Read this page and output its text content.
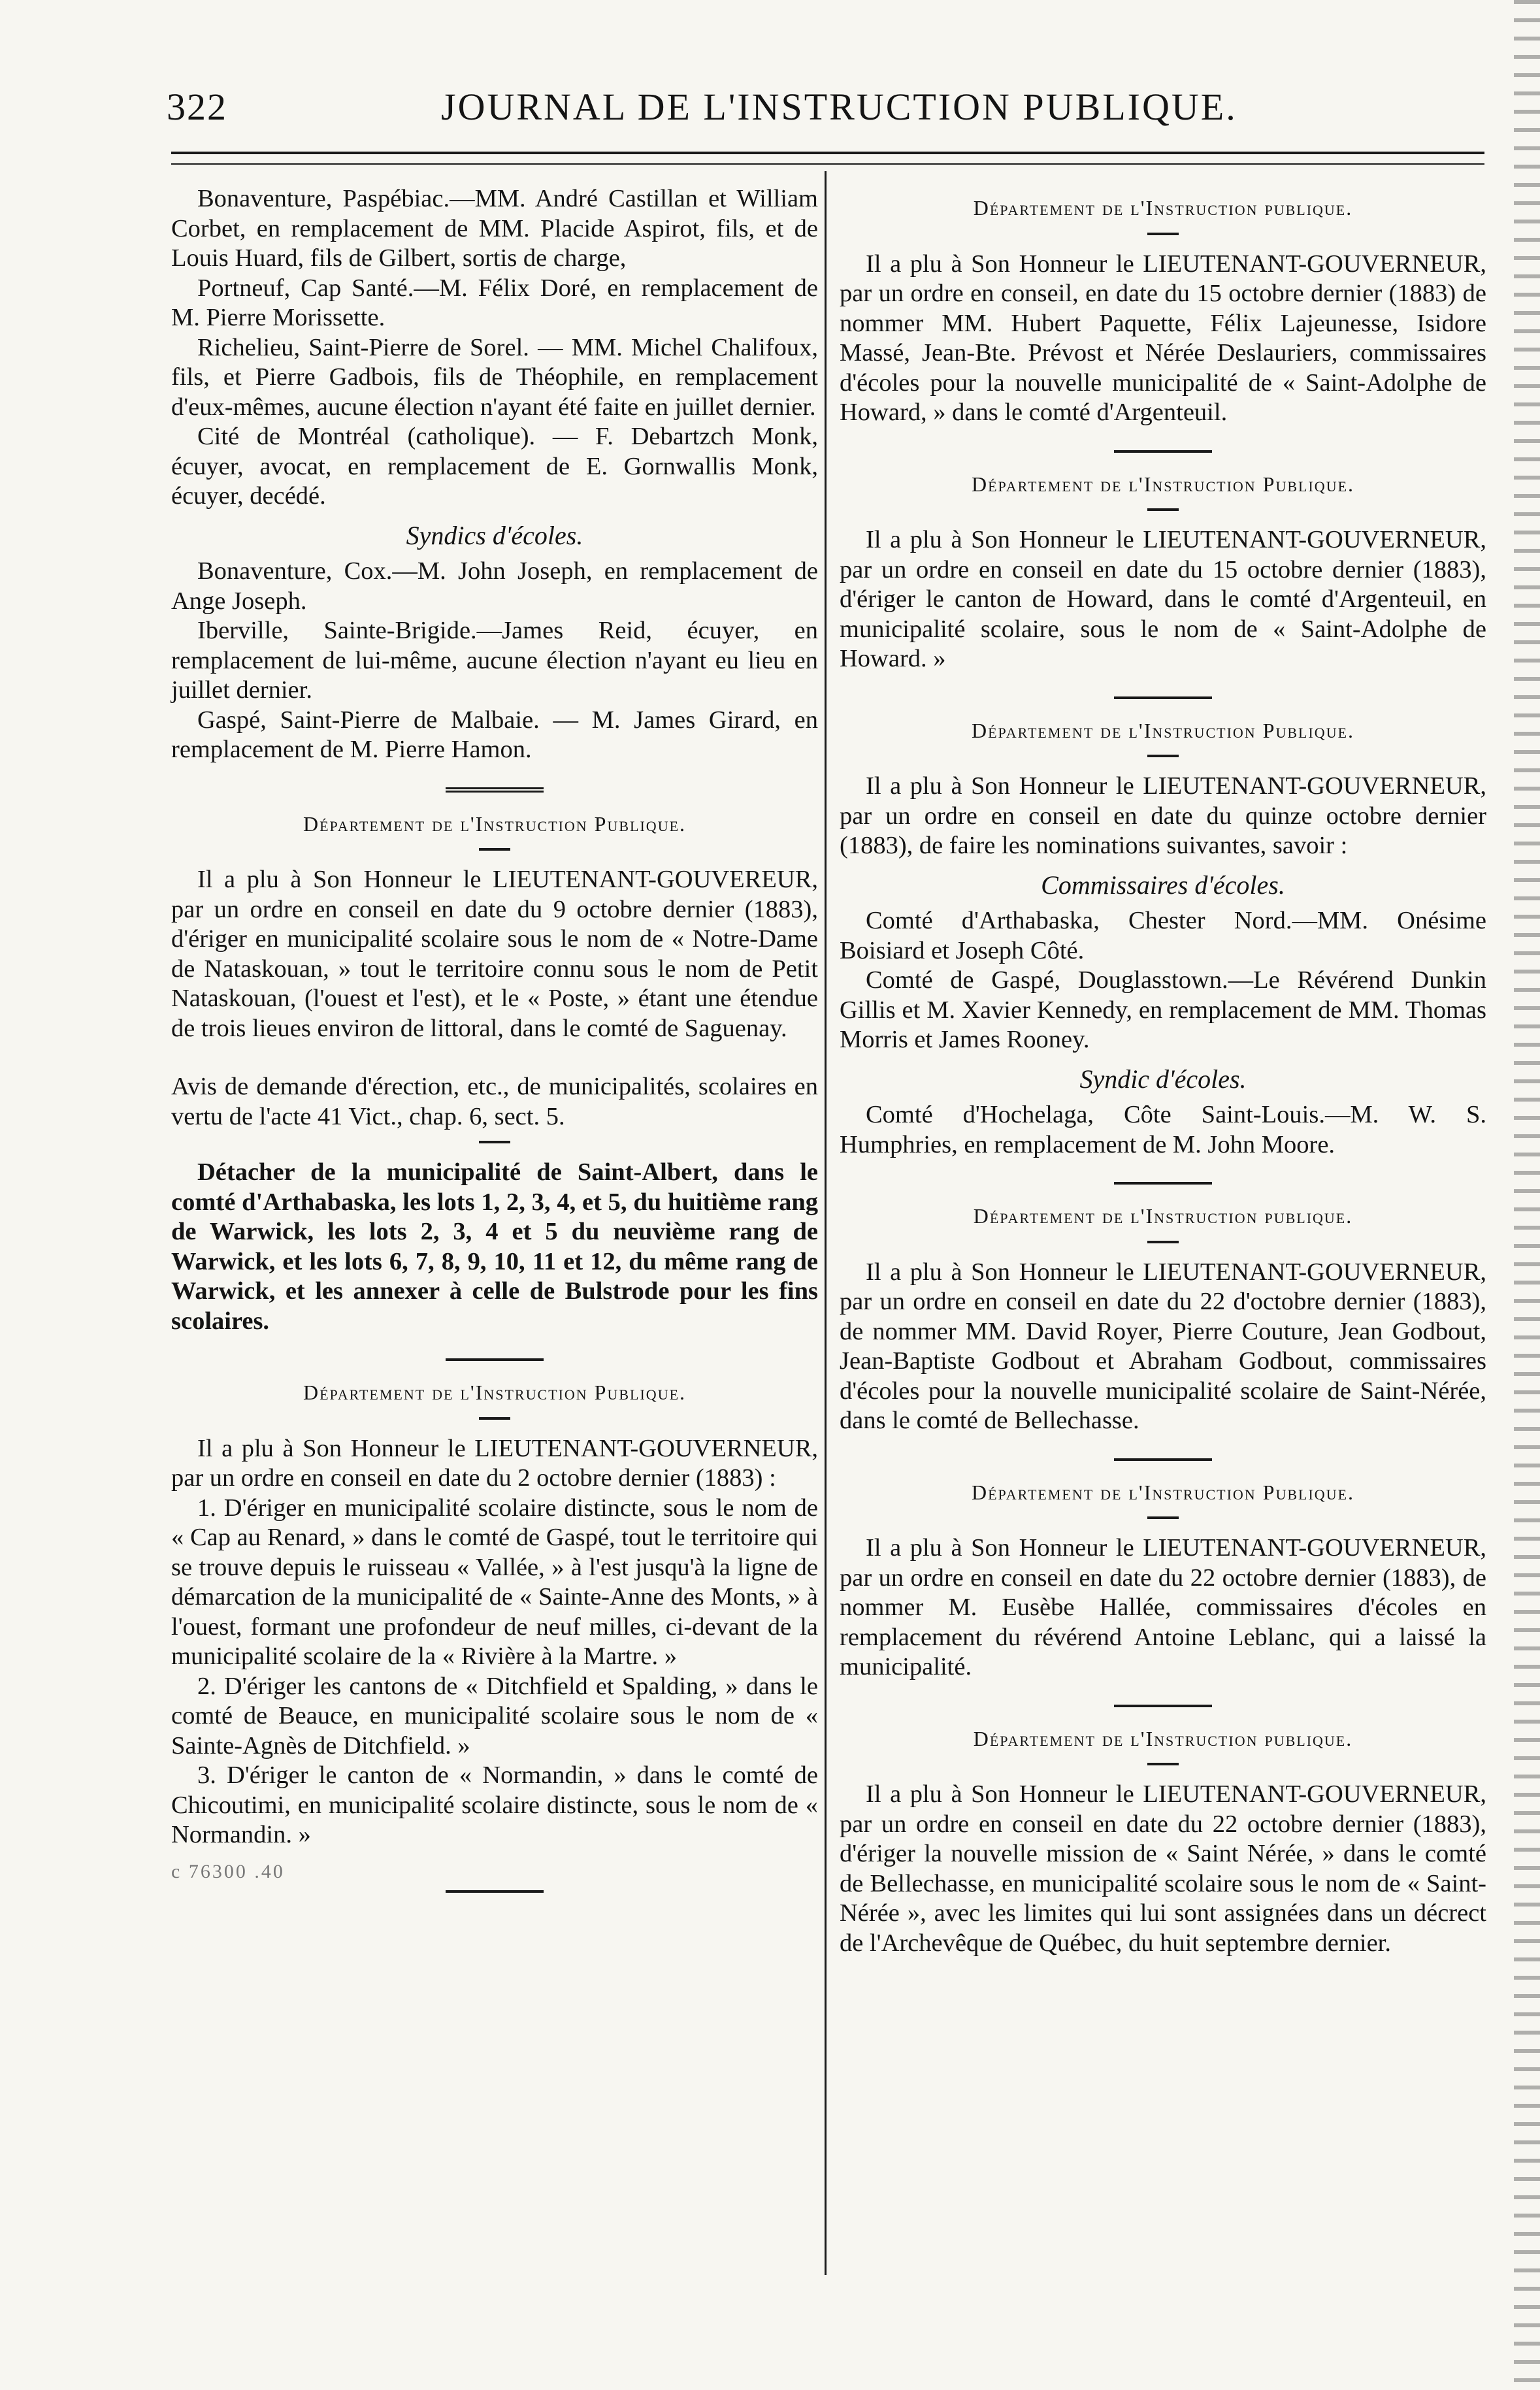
322	JOURNAL DE L'INSTRUCTION PUBLIQUE.

Bonaventure, Paspébiac.—MM. André Castillan et William Corbet, en remplacement de MM. Placide Aspirot, fils, et de Louis Huard, fils de Gilbert, sortis de charge,

Portneuf, Cap Santé.—M. Félix Doré, en remplacement de M. Pierre Morissette.

Richelieu, Saint-Pierre de Sorel. — MM. Michel Chalifoux, fils, et Pierre Gadbois, fils de Théophile, en remplacement d'eux-mêmes, aucune élection n'ayant été faite en juillet dernier.

Cité de Montréal (catholique). — F. Debartzch Monk, écuyer, avocat, en remplacement de E. Gornwallis Monk, écuyer, decédé.

Syndics d'écoles.

Bonaventure, Cox.—M. John Joseph, en remplacement de Ange Joseph.

Iberville, Sainte-Brigide.—James Reid, écuyer, en remplacement de lui-même, aucune élection n'ayant eu lieu en juillet dernier.

Gaspé, Saint-Pierre de Malbaie. — M. James Girard, en remplacement de M. Pierre Hamon.

Département de l'Instruction Publique.

Il a plu à Son Honneur le LIEUTENANT-GOUVEREUR, par un ordre en conseil en date du 9 octobre dernier (1883), d'ériger en municipalité scolaire sous le nom de « Notre-Dame de Nataskouan, » tout le territoire connu sous le nom de Petit Nataskouan, (l'ouest et l'est), et le « Poste, » étant une étendue de trois lieues environ de littoral, dans le comté de Saguenay.

Avis de demande d'érection, etc., de municipalités, scolaires en vertu de l'acte 41 Vict., chap. 6, sect. 5.

Détacher de la municipalité de Saint-Albert, dans le comté d'Arthabaska, les lots 1, 2, 3, 4, et 5, du huitième rang de Warwick, les lots 2, 3, 4 et 5 du neuvième rang de Warwick, et les lots 6, 7, 8, 9, 10, 11 et 12, du même rang de Warwick, et les annexer à celle de Bulstrode pour les fins scolaires.

Département de l'Instruction Publique.

Il a plu à Son Honneur le LIEUTENANT-GOUVERNEUR, par un ordre en conseil en date du 2 octobre dernier (1883) :

1. D'ériger en municipalité scolaire distincte, sous le nom de « Cap au Renard, » dans le comté de Gaspé, tout le territoire qui se trouve depuis le ruisseau « Vallée, » à l'est jusqu'à la ligne de démarcation de la municipalité de « Sainte-Anne des Monts, » à l'ouest, formant une profondeur de neuf milles, ci-devant de la municipalité scolaire de la « Rivière à la Martre. »

2. D'ériger les cantons de « Ditchfield et Spalding, » dans le comté de Beauce, en municipalité scolaire sous le nom de « Sainte-Agnès de Ditchfield. »

3. D'ériger le canton de « Normandin, » dans le comté de Chicoutimi, en municipalité scolaire distincte, sous le nom de « Normandin. »

c 76300 .40
Département de l'Instruction publique.

Il a plu à Son Honneur le LIEUTENANT-GOUVERNEUR, par un ordre en conseil, en date du 15 octobre dernier (1883) de nommer MM. Hubert Paquette, Félix Lajeunesse, Isidore Massé, Jean-Bte. Prévost et Nérée Deslauriers, commissaires d'écoles pour la nouvelle municipalité de « Saint-Adolphe de Howard, » dans le comté d'Argenteuil.

Département de l'Instruction Publique.

Il a plu à Son Honneur le LIEUTENANT-GOUVERNEUR, par un ordre en conseil en date du 15 octobre dernier (1883), d'ériger le canton de Howard, dans le comté d'Argenteuil, en municipalité scolaire, sous le nom de « Saint-Adolphe de Howard. »

Département de l'Instruction Publique.

Il a plu à Son Honneur le LIEUTENANT-GOUVERNEUR, par un ordre en conseil en date du quinze octobre dernier (1883), de faire les nominations suivantes, savoir :

Commissaires d'écoles.

Comté d'Arthabaska, Chester Nord.—MM. Onésime Boisiard et Joseph Côté.

Comté de Gaspé, Douglasstown.—Le Révérend Dunkin Gillis et M. Xavier Kennedy, en remplacement de MM. Thomas Morris et James Rooney.

Syndic d'écoles.

Comté d'Hochelaga, Côte Saint-Louis.—M. W. S. Humphries, en remplacement de M. John Moore.

Département de l'Instruction publique.

Il a plu à Son Honneur le LIEUTENANT-GOUVERNEUR, par un ordre en conseil en date du 22 d'octobre dernier (1883), de nommer MM. David Royer, Pierre Couture, Jean Godbout, Jean-Baptiste Godbout et Abraham Godbout, commissaires d'écoles pour la nouvelle municipalité scolaire de Saint-Nérée, dans le comté de Bellechasse.

Département de l'Instruction Publique.

Il a plu à Son Honneur le LIEUTENANT-GOUVERNEUR, par un ordre en conseil en date du 22 octobre dernier (1883), de nommer M. Eusèbe Hallée, commissaires d'écoles en remplacement du révérend Antoine Leblanc, qui a laissé la municipalité.

Département de l'Instruction publique.

Il a plu à Son Honneur le LIEUTENANT-GOUVERNEUR, par un ordre en conseil en date du 22 octobre dernier (1883), d'ériger la nouvelle mission de « Saint Nérée, » dans le comté de Bellechasse, en municipalité scolaire sous le nom de « Saint-Nérée », avec les limites qui lui sont assignées dans un décrect de l'Archevêque de Québec, du huit septembre dernier.
